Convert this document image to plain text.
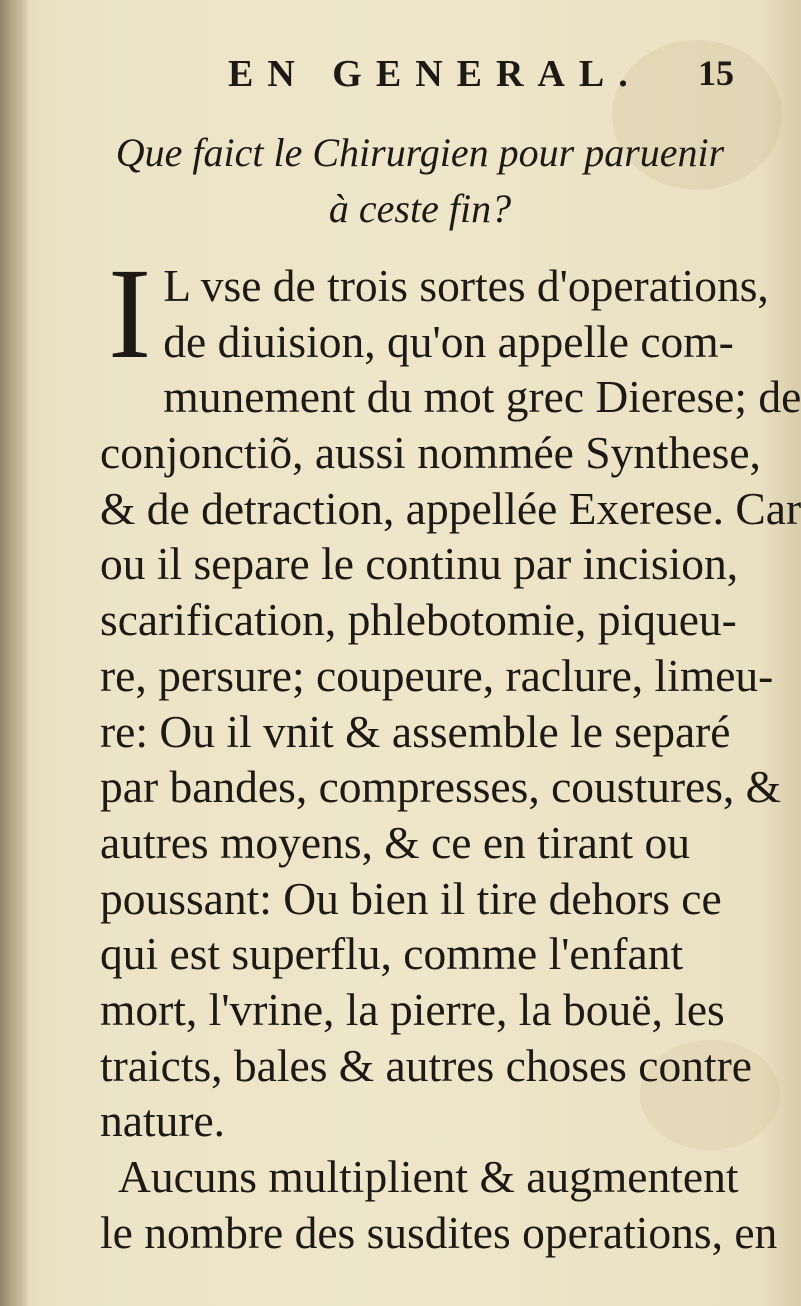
EN GENERAL. 15
Que faict le Chirurgien pour paruenir
à ceste fin?
I L vse de trois sortes d'operations,
de diuision, qu'on appelle com-
munement du mot grec Dierese; de
conjonctiõ, aussi nommée Synthese,
& de detraction, appellée Exerese. Car
ou il separe le continu par incision,
scarification, phlebotomie, piqueu-
re, persure; coupeure, raclure, limeu-
re: Ou il vnit & assemble le separé
par bandes, compresses, coustures, &
autres moyens, & ce en tirant ou
poussant: Ou bien il tire dehors ce
qui est superflu, comme l'enfant
mort, l'vrine, la pierre, la bouë, les
traicts, bales & autres choses contre
nature.
Aucuns multiplient & augmentent
le nombre des susdites operations, en
